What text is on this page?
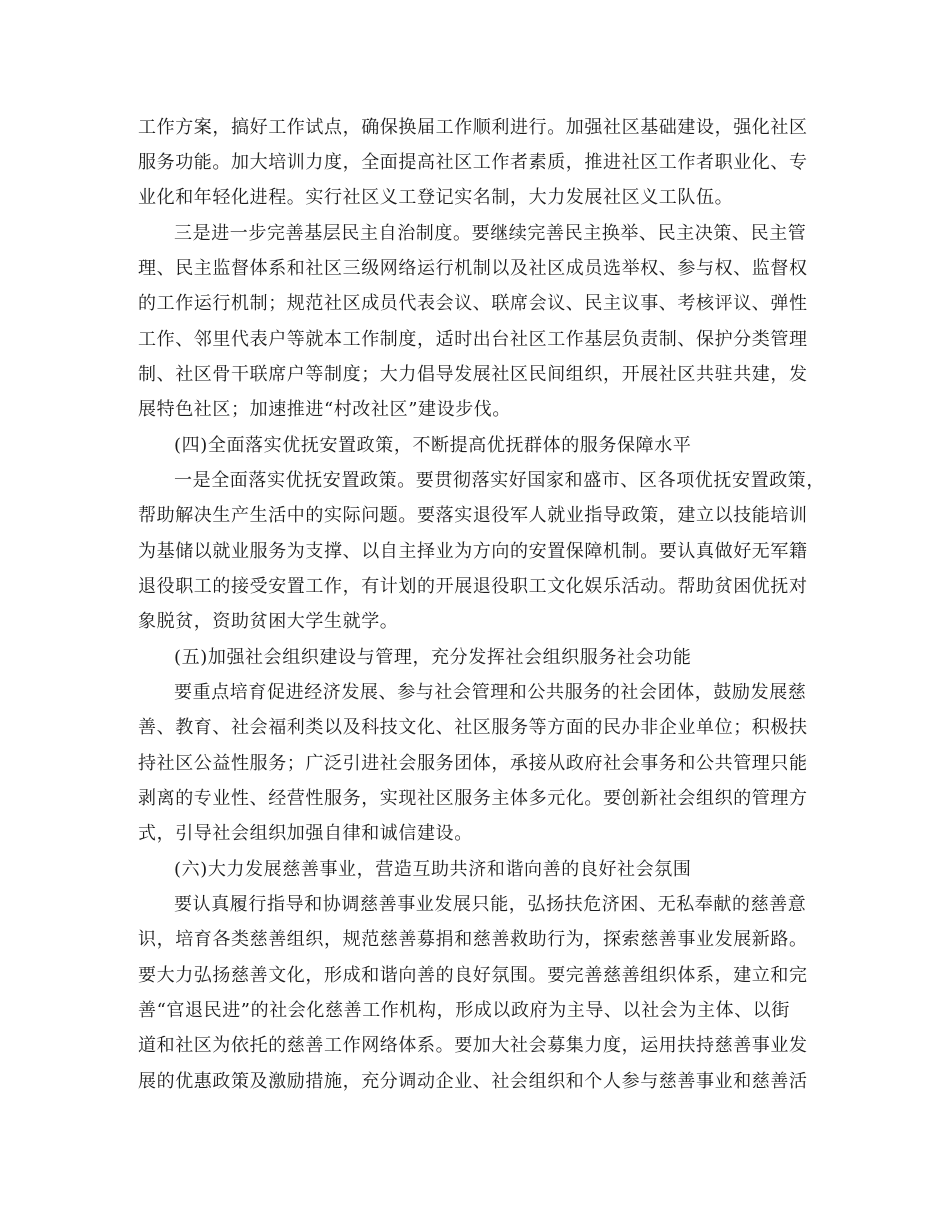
工作方案，搞好工作试点，确保换届工作顺利进行。加强社区基础建设，强化社区
服务功能。加大培训力度，全面提高社区工作者素质，推进社区工作者职业化、专
业化和年轻化进程。实行社区义工登记实名制，大力发展社区义工队伍。
三是进一步完善基层民主自治制度。要继续完善民主换举、民主决策、民主管
理、民主监督体系和社区三级网络运行机制以及社区成员选举权、参与权、监督权
的工作运行机制；规范社区成员代表会议、联席会议、民主议事、考核评议、弹性
工作、邻里代表户等就本工作制度，适时出台社区工作基层负责制、保护分类管理
制、社区骨干联席户等制度；大力倡导发展社区民间组织，开展社区共驻共建，发
展特色社区；加速推进“村改社区”建设步伐。
(四)全面落实优抚安置政策，不断提高优抚群体的服务保障水平
一是全面落实优抚安置政策。要贯彻落实好国家和盛市、区各项优抚安置政策，
帮助解决生产生活中的实际问题。要落实退役军人就业指导政策，建立以技能培训
为基储以就业服务为支撑、以自主择业为方向的安置保障机制。要认真做好无军籍
退役职工的接受安置工作，有计划的开展退役职工文化娱乐活动。帮助贫困优抚对
象脱贫，资助贫困大学生就学。
(五)加强社会组织建设与管理，充分发挥社会组织服务社会功能
要重点培育促进经济发展、参与社会管理和公共服务的社会团体，鼓励发展慈
善、教育、社会福利类以及科技文化、社区服务等方面的民办非企业单位；积极扶
持社区公益性服务；广泛引进社会服务团体，承接从政府社会事务和公共管理只能
剥离的专业性、经营性服务，实现社区服务主体多元化。要创新社会组织的管理方
式，引导社会组织加强自律和诚信建设。
(六)大力发展慈善事业，营造互助共济和谐向善的良好社会氛围
要认真履行指导和协调慈善事业发展只能，弘扬扶危济困、无私奉献的慈善意
识，培育各类慈善组织，规范慈善募捐和慈善救助行为，探索慈善事业发展新路。
要大力弘扬慈善文化，形成和谐向善的良好氛围。要完善慈善组织体系，建立和完
善“官退民进”的社会化慈善工作机构，形成以政府为主导、以社会为主体、以街
道和社区为依托的慈善工作网络体系。要加大社会募集力度，运用扶持慈善事业发
展的优惠政策及激励措施，充分调动企业、社会组织和个人参与慈善事业和慈善活
